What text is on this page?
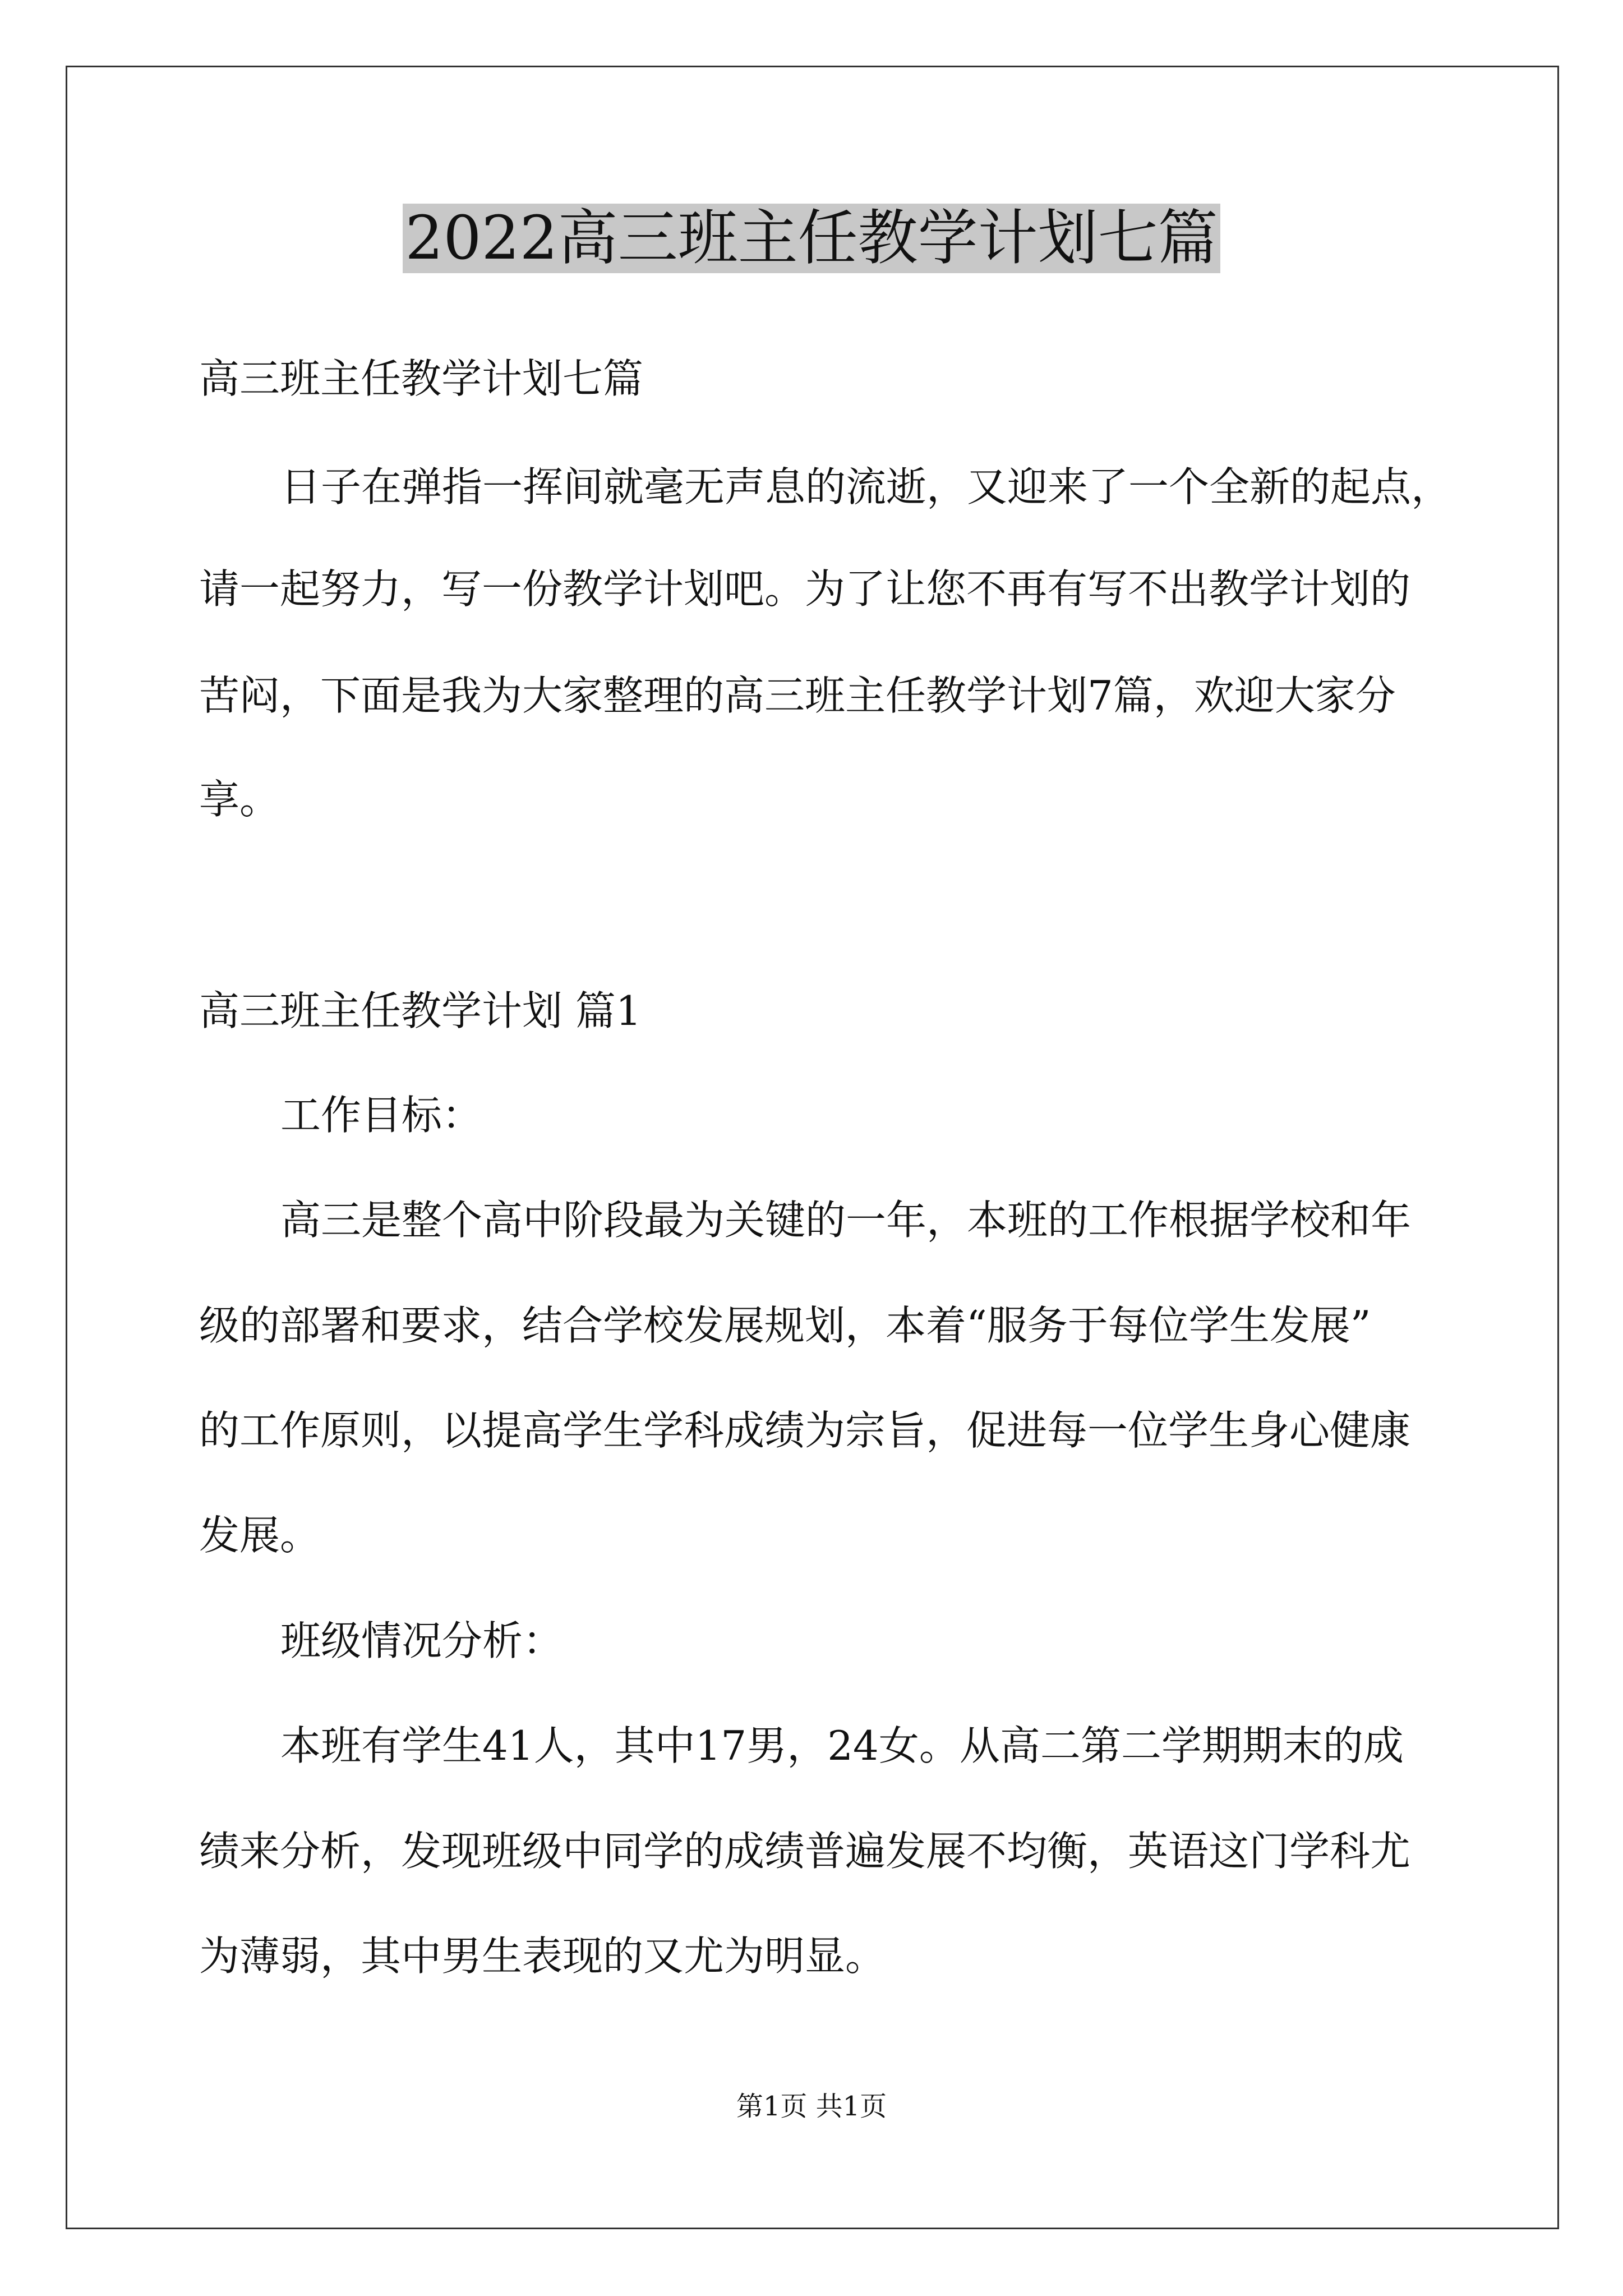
2022高三班主任教学计划七篇
高三班主任教学计划七篇
日子在弹指一挥间就毫无声息的流逝，又迎来了一个全新的起点，
请一起努力，写一份教学计划吧。为了让您不再有写不出教学计划的
苦闷，下面是我为大家整理的高三班主任教学计划7篇，欢迎大家分
享。
高三班主任教学计划 篇1
工作目标：
高三是整个高中阶段最为关键的一年，本班的工作根据学校和年
级的部署和要求，结合学校发展规划，本着“服务于每位学生发展”
的工作原则，以提高学生学科成绩为宗旨，促进每一位学生身心健康
发展。
班级情况分析：
本班有学生41人，其中17男，24女。从高二第二学期期末的成
绩来分析，发现班级中同学的成绩普遍发展不均衡，英语这门学科尤
为薄弱，其中男生表现的又尤为明显。
第1页 共1页
